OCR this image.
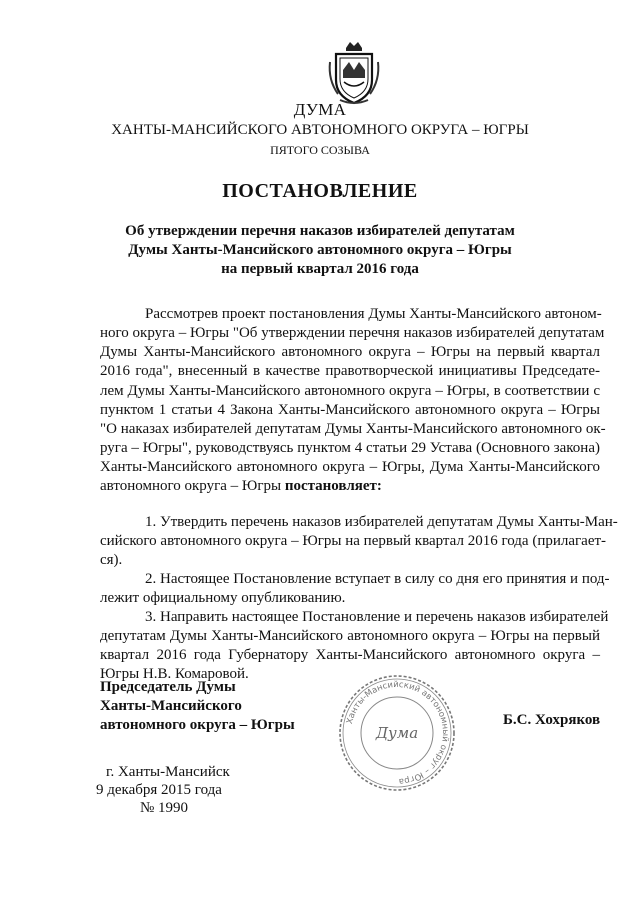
ДУМА
ХАНТЫ-МАНСИЙСКОГО АВТОНОМНОГО ОКРУГА – ЮГРЫ
ПЯТОГО СОЗЫВА
ПОСТАНОВЛЕНИЕ
Об утверждении перечня наказов избирателей депутатам
Думы Ханты-Мансийского автономного округа – Югры
на первый квартал 2016 года
Рассмотрев проект постановления Думы Ханты-Мансийского автоном-
ного округа – Югры "Об утверждении перечня наказов избирателей депутатам
Думы Ханты-Мансийского автономного округа – Югры на первый квартал
2016 года", внесенный в качестве правотворческой инициативы Председате-
лем Думы Ханты-Мансийского автономного округа – Югры, в соответствии с
пунктом 1 статьи 4 Закона Ханты-Мансийского автономного округа – Югры
"О наказах избирателей депутатам Думы Ханты-Мансийского автономного ок-
руга – Югры", руководствуясь пунктом 4 статьи 29 Устава (Основного закона)
Ханты-Мансийского автономного округа – Югры, Дума Ханты-Мансийского
автономного округа – Югры постановляет:
1. Утвердить перечень наказов избирателей депутатам Думы Ханты-Ман-
сийского автономного округа – Югры на первый квартал 2016 года (прилагает-
ся).
2. Настоящее Постановление вступает в силу со дня его принятия и под-
лежит официальному опубликованию.
3. Направить настоящее Постановление и перечень наказов избирателей
депутатам Думы Ханты-Мансийского автономного округа – Югры на первый
квартал 2016 года Губернатору Ханты-Мансийского автономного округа –
Югры Н.В. Комаровой.
Председатель Думы
Ханты-Мансийского
автономного округа – Югры	Ханты-Мансийский автономный округ – Югра
Дума
Б.С. Хохряков
г. Ханты-Мансийск
9 декабря 2015 года
№ 1990
